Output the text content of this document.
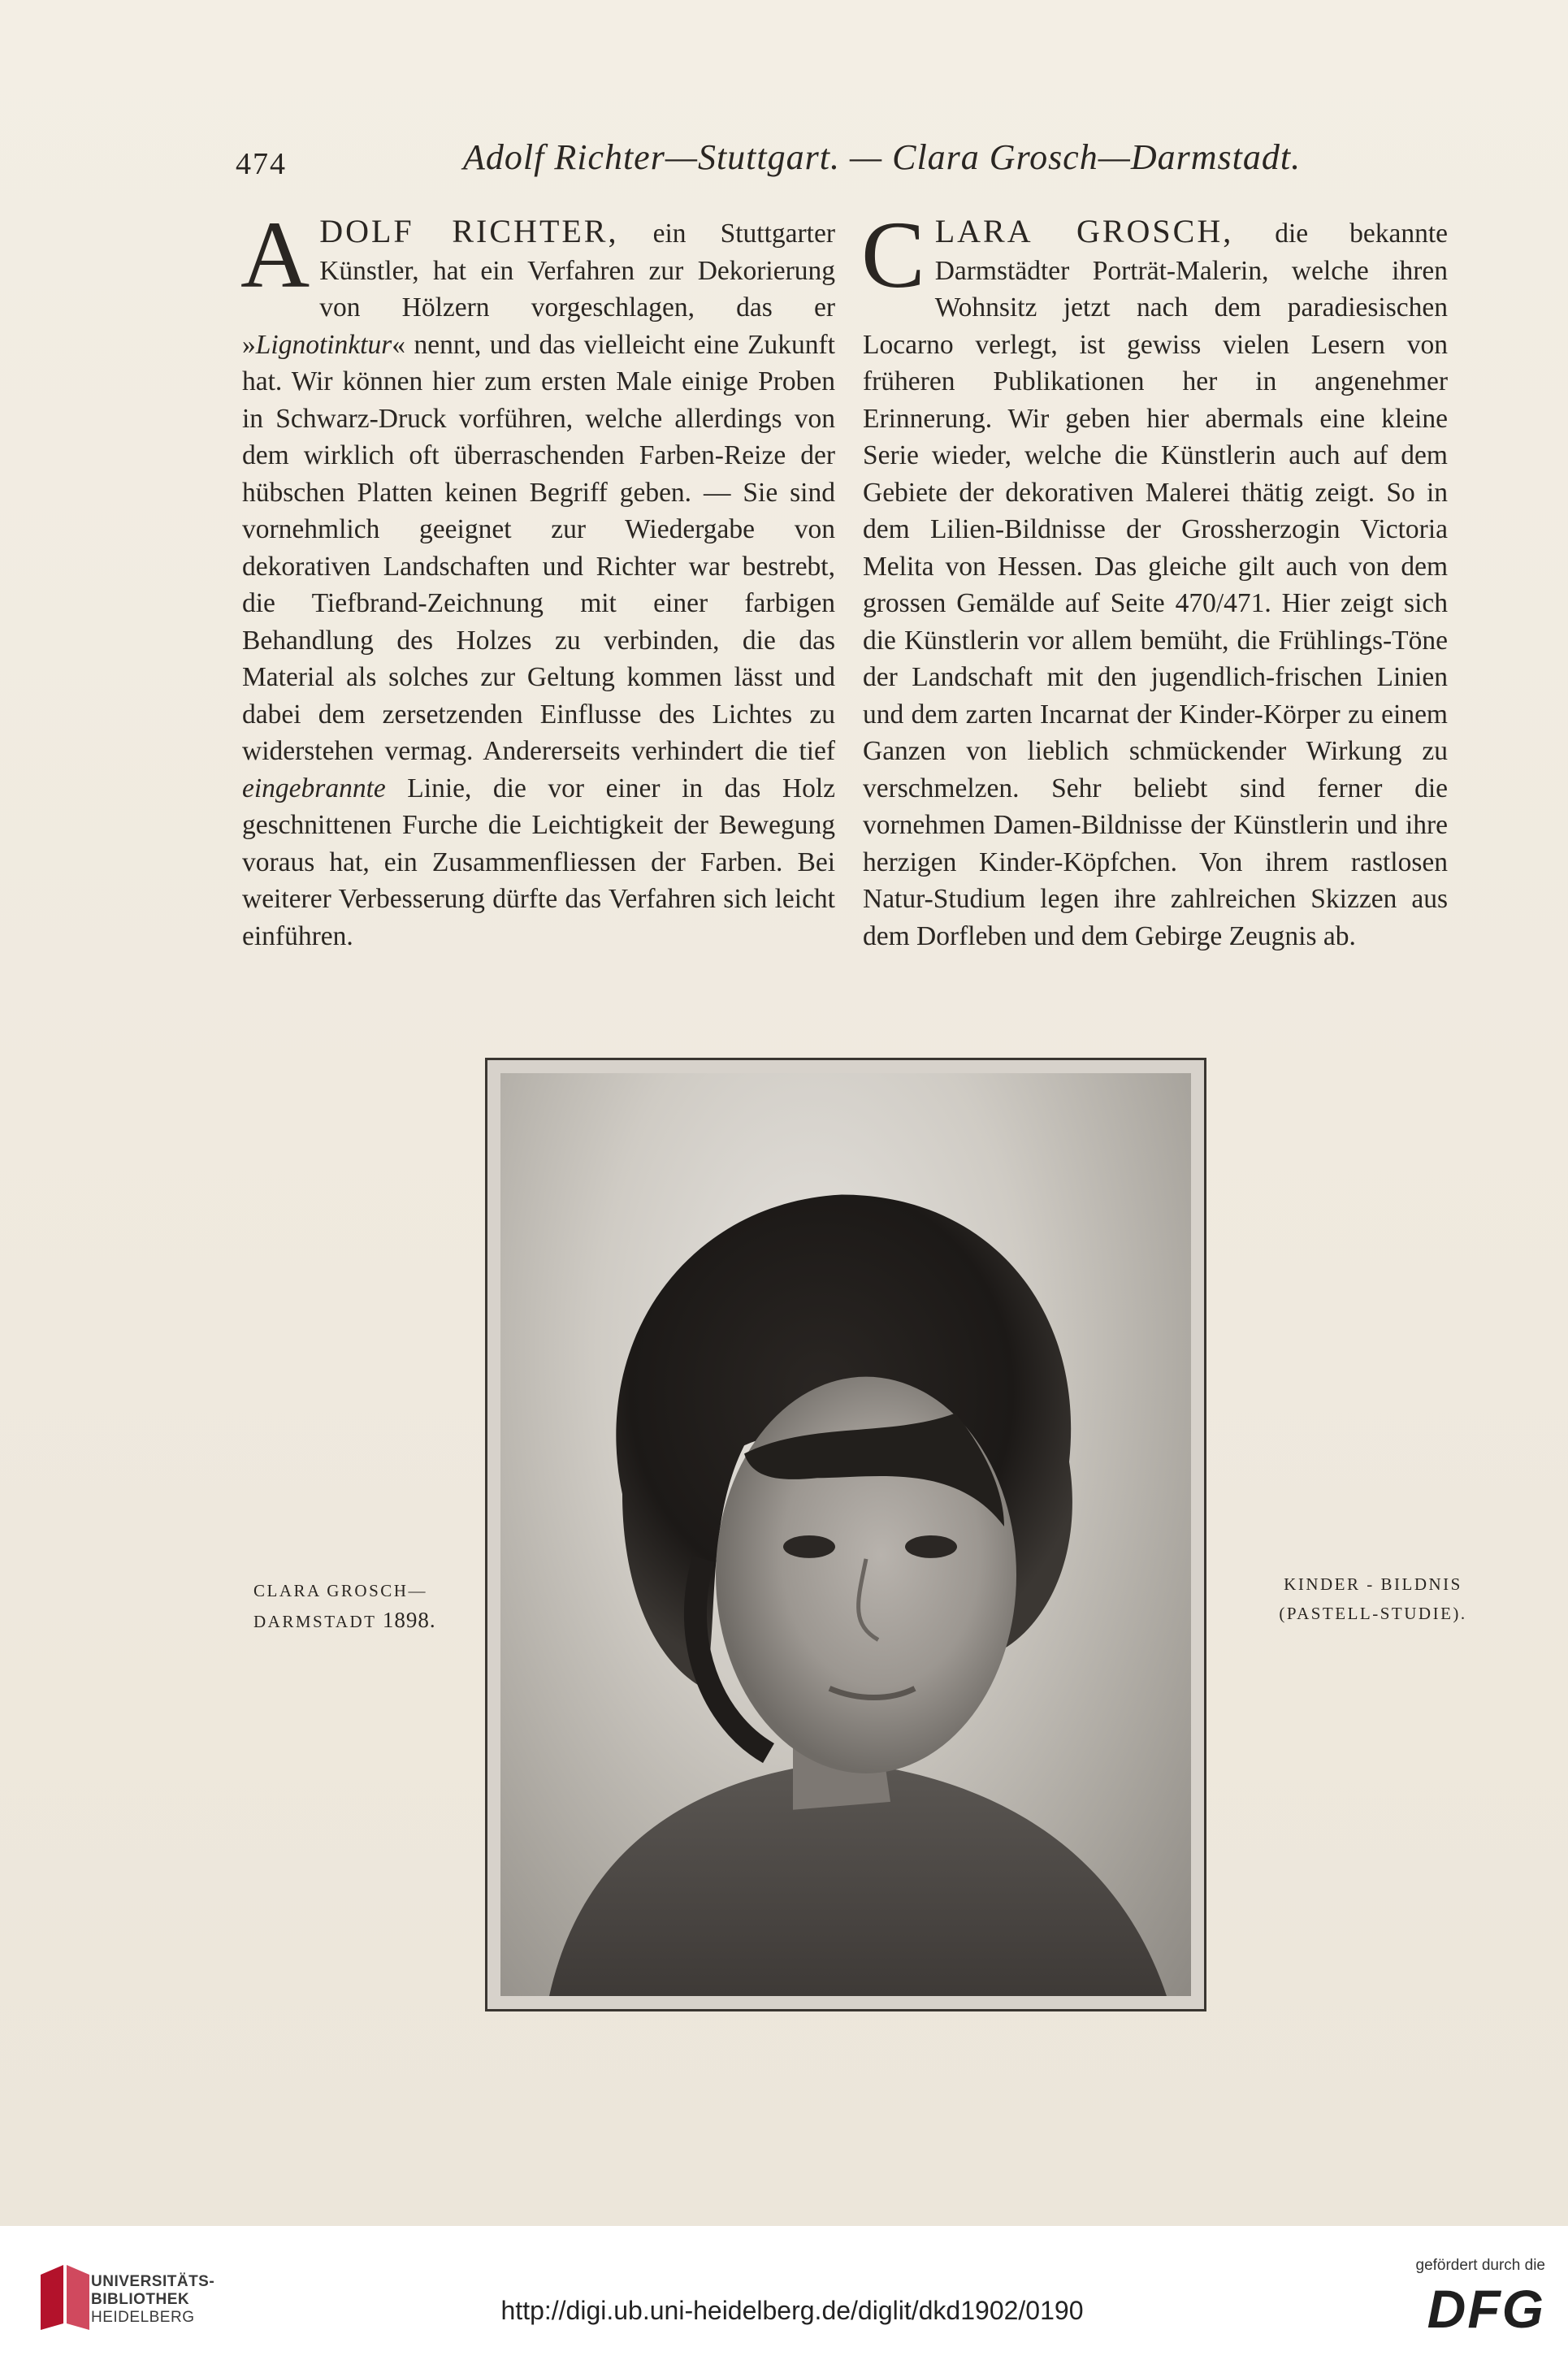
474	Adolf Richter—Stuttgart. — Clara Grosch—Darmstadt.

ADOLF RICHTER, ein Stuttgarter Künstler, hat ein Verfahren zur Dekorierung von Hölzern vorgeschlagen, das er »Lignotinktur« nennt, und das vielleicht eine Zukunft hat. Wir können hier zum ersten Male einige Proben in Schwarz-Druck vorführen, welche allerdings von dem wirklich oft überraschenden Farben-Reize der hübschen Platten keinen Begriff geben. — Sie sind vornehmlich geeignet zur Wiedergabe von dekorativen Landschaften und Richter war bestrebt, die Tiefbrand-Zeichnung mit einer farbigen Behandlung des Holzes zu verbinden, die das Material als solches zur Geltung kommen lässt und dabei dem zersetzenden Einflusse des Lichtes zu widerstehen vermag. Andererseits verhindert die tief eingebrannte Linie, die vor einer in das Holz geschnittenen Furche die Leichtigkeit der Bewegung voraus hat, ein Zusammenfliessen der Farben. Bei weiterer Verbesserung dürfte das Verfahren sich leicht einführen.

CLARA GROSCH, die bekannte Darmstädter Porträt-Malerin, welche ihren Wohnsitz jetzt nach dem paradiesischen Locarno verlegt, ist gewiss vielen Lesern von früheren Publikationen her in angenehmer Erinnerung. Wir geben hier abermals eine kleine Serie wieder, welche die Künstlerin auch auf dem Gebiete der dekorativen Malerei thätig zeigt. So in dem Lilien-Bildnisse der Grossherzogin Victoria Melita von Hessen. Das gleiche gilt auch von dem grossen Gemälde auf Seite 470/471. Hier zeigt sich die Künstlerin vor allem bemüht, die Frühlings-Töne der Landschaft mit den jugendlich-frischen Linien und dem zarten Incarnat der Kinder-Körper zu einem Ganzen von lieblich schmückender Wirkung zu verschmelzen. Sehr beliebt sind ferner die vornehmen Damen-Bildnisse der Künstlerin und ihre herzigen Kinder-Köpfchen. Von ihrem rastlosen Natur-Studium legen ihre zahlreichen Skizzen aus dem Dorfleben und dem Gebirge Zeugnis ab.

CLARA GROSCH—
DARMSTADT 1898.
KINDER - BILDNIS
(PASTELL-STUDIE).
UNIVERSITÄTS-
BIBLIOTHEK
HEIDELBERG	http://digi.ub.uni-heidelberg.de/diglit/dkd1902/0190
gefördert durch die
DFG
